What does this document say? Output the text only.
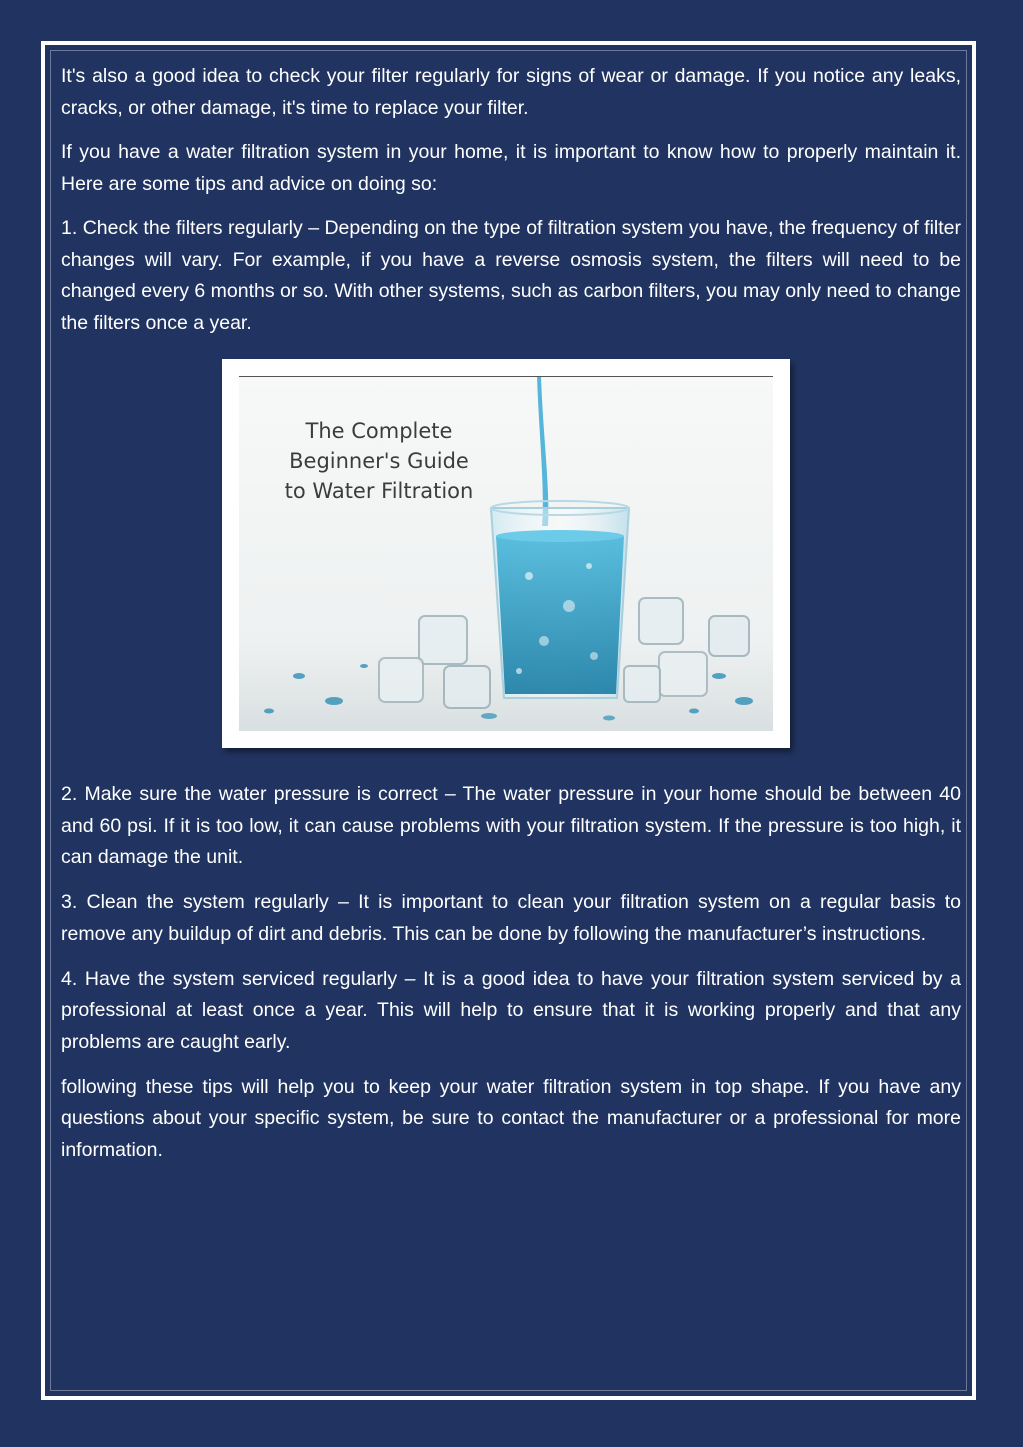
It's also a good idea to check your filter regularly for signs of wear or damage. If you notice any leaks, cracks, or other damage, it's time to replace your filter.

If you have a water filtration system in your home, it is important to know how to properly maintain it. Here are some tips and advice on doing so:

1. Check the filters regularly – Depending on the type of filtration system you have, the frequency of filter changes will vary. For example, if you have a reverse osmosis system, the filters will need to be changed every 6 months or so. With other systems, such as carbon filters, you may only need to change the filters once a year.

The Complete
Beginner's Guide
to Water Filtration

2. Make sure the water pressure is correct – The water pressure in your home should be between 40 and 60 psi. If it is too low, it can cause problems with your filtration system. If the pressure is too high, it can damage the unit.

3. Clean the system regularly – It is important to clean your filtration system on a regular basis to remove any buildup of dirt and debris. This can be done by following the manufacturer’s instructions.

4. Have the system serviced regularly – It is a good idea to have your filtration system serviced by a professional at least once a year. This will help to ensure that it is working properly and that any problems are caught early.

following these tips will help you to keep your water filtration system in top shape. If you have any questions about your specific system, be sure to contact the manufacturer or a professional for more information.
